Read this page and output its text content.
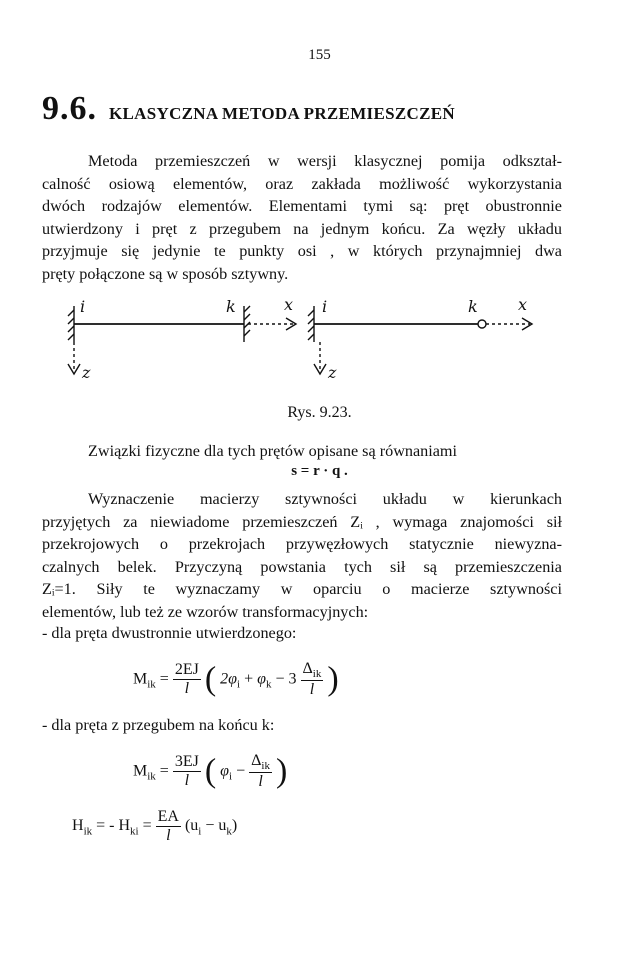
155
9.6. KLASYCZNA METODA PRZEMIESZCZEŃ
Metoda przemieszczeń w wersji klasycznej pomija odkształ-
calność osiową elementów, oraz zakłada możliwość wykorzystania
dwóch rodzajów elementów. Elementami tymi są: pręt obustronnie
utwierdzony i pręt z przegubem na jednym końcu. Za węzły układu
przyjmuje się jedynie te punkty osi , w których przynajmniej dwa
pręty połączone są w sposób sztywny.
i	k	x
z
i	k	x
z
Rys. 9.23.
Związki fizyczne dla tych prętów opisane są równaniami
s = r · q .
Wyznaczenie macierzy sztywności układu w kierunkach
przyjętych za niewiadome przemieszczeń Zᵢ , wymaga znajomości sił
przekrojowych o przekrojach przywęzłowych statycznie niewyzna-
czalnych belek. Przyczyną powstania tych sił są przemieszczenia
Zᵢ=1. Siły te wyznaczamy w oparciu o macierze sztywności
elementów, lub też ze wzorów transformacyjnych:
- dla pręta dwustronnie utwierdzonego:
$M_{ik} = \frac{2EJ}{l}$ ( $2\varphi_i + \varphi_k - 3 \frac{\Delta_{ik}}{l}$ )
- dla pręta z przegubem na końcu k:
$M_{ik} = \frac{3EJ}{l}$ ( $\varphi_i - \frac{\Delta_{ik}}{l}$ )
$H_{ik}$ = - $H_{ki} = \frac{EA}{l} (u_i - u_k)$
